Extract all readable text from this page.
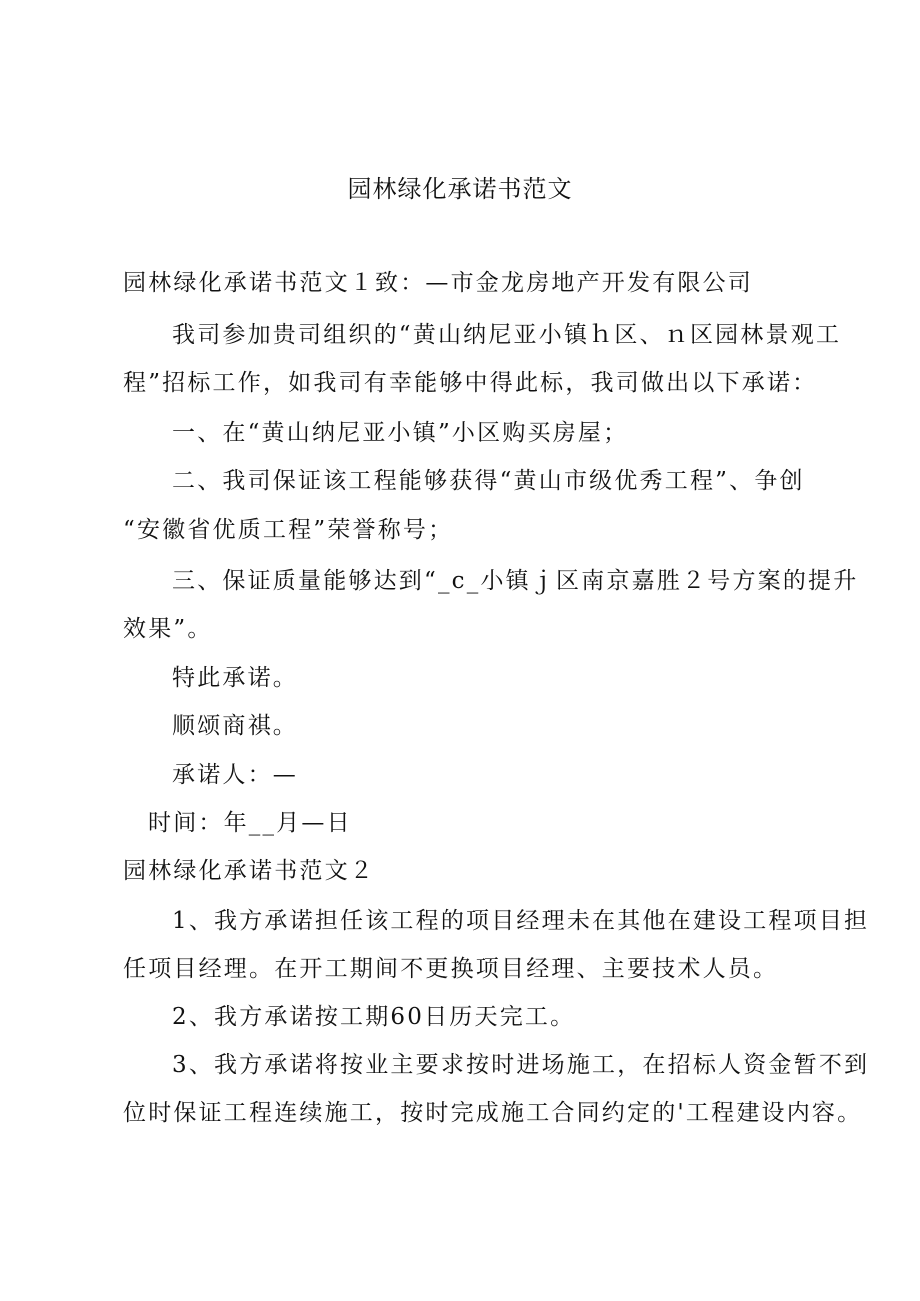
园林绿化承诺书范文
园林绿化承诺书范文１致：—市金龙房地产开发有限公司
我司参加贵司组织的“黄山纳尼亚小镇ｈ区、ｎ区园林景观工
程”招标工作，如我司有幸能够中得此标，我司做出以下承诺：
一、在“黄山纳尼亚小镇”小区购买房屋；
二、我司保证该工程能够获得“黄山市级优秀工程”、争创
“安徽省优质工程”荣誉称号；
三、保证质量能够达到“_c_小镇ｊ区南京嘉胜２号方案的提升
效果”。
特此承诺。
顺颂商祺。
承诺人：—
时间：年__月—日
园林绿化承诺书范文２
1、我方承诺担任该工程的项目经理未在其他在建设工程项目担
任项目经理。在开工期间不更换项目经理、主要技术人员。
2、我方承诺按工期60日历天完工。
3、我方承诺将按业主要求按时进场施工，在招标人资金暂不到
位时保证工程连续施工，按时完成施工合同约定的'工程建设内容。
